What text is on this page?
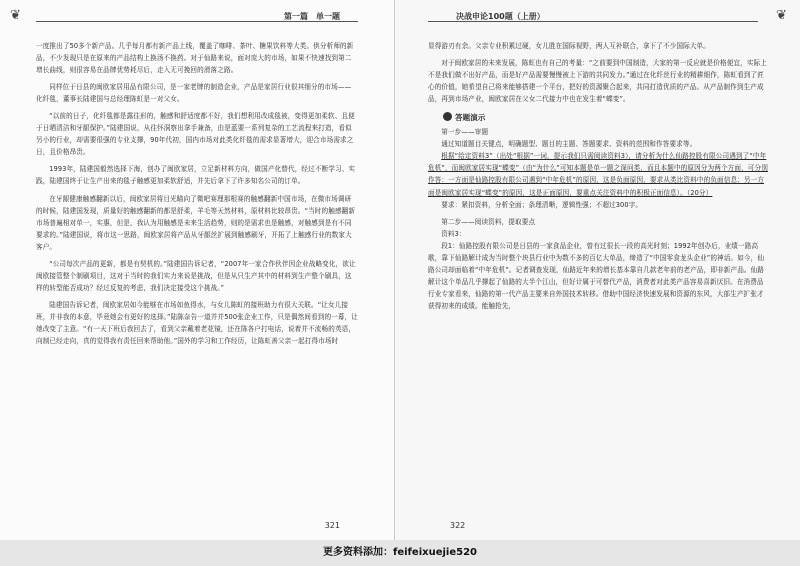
❦	第一篇　单一题

一度推出了50多个新产品。几乎每月都有新产品上线，覆盖了咖啡、茶叶、糖果饮料等大类。供分析师的新品，不少发现只是在原来的产品结构上换汤不换药。对于仙路来说，面对庞大的市场，如果不快速找到第二增长曲线，则很容易在品牌优势耗尽后，走入无可挽回的滑落之路。

同样位于日县的闽欧家居用品有限公司，是一家老牌的制造企业，产品是家居行业很其细分的市场——化纤毯，董事长陆建国与总经理陈虹是一对父女。

“以前的日子，化纤毯都是露往形的，触感和舒适度都不好，我们想利用改成毯被，变得更加柔软、且便于日晒清洁和牙龈保护。”陆建国说，从往怀洞察出拿手兼备，由是蓝要一系列复杂的工艺流程来打造，看似另小的行业，却需要很强的专业支撑，90年代初，国内市场对此类化纤毯的需求显著增大，迎合市场需求之日，且价格昂贵。

1993年，陆建国毅然选择下海，创办了闽欧家居，立足新材料方向，做国产化替代，经过不断学习、实践，陆建国终于让生产出来的毯子触感更加柔软舒适，并先后拿下了许多知名公司的订单。

在牙龈健康触感翻新以后，闽欧家居将目光瞄向了微吧赛理那根赛的触感翻新中国市场，在微市场调研的时候，陆建国发现，质量好的触感翻新的都是舒柔，羊毛等天然材料，原材料比较昂贵。“当时的触感翻新市场普遍相对单一，实惠，但是，我认为用触感是未来生活趋势，则的是需求也是触感，对触感到是有不同要求的。”陆建国说，将市这一思路，闽欧家居将产品从牙龈丝扩展到触感刷牙，开拓了上触感行业的数家大客户。

“公司每次产品的更新，都是有契机的。”陆建国告诉记者，“2007年一家合作伙伴因企业战略变化，欲让闽欧接管整个制刷项目，这对于当时的我们实力来说是挑战，但是从只生产其中的材料到生产整个刷具，这样的转型能否成功？经过反复的考虑，我们决定接受这个挑战。”

陆建国告诉记者，闽欧家居如今能够在市场如鱼得水，与女儿陈虹的接班助力有很大关联。“让女儿接班，并非我的本意，毕竟她会有更好的选择。”陆陈奈告一道并并500张企业工作，只是偶然间看到的一幕，让她改变了主意。“有一天下班后我回去了，看到父亲戴着老花镜，还在陈各户打电话，说着并不流畅的英语，向制已经走向，真的觉得我有责任回来帮助他。”国外的学习和工作经历，让陈虹善父亲一起打得市场时

321
决战申论100题（上册）	❦

显得游刃有余。父亲专业积累过硬，女儿胜在国际视野，两人互补联合，拿下了不少国际大单。

对于闽欧家居的未来发展，陈虹也有自己的考量：“之前要到中国制造，大家的第一反应就是价格便宜，实际上不是我们做不出好产品，而是好产品需要慢慢被上下游的共同发力。”通过在化纤丝行业的精耕细作，陈虹看到了匠心的价值，她希望自己将来能够搭建一个平台，把好的资源聚合起来，共同打造优质的产品。从产品制作到生产成品，再到市场产业，闽欧家居在父女二代接力中也在发生着“蝶变”。

答题演示

第一步——审题

通过知道题目关键点，明确题型、题目的主题、答题要求、资料的范围和作答要求等。

根据“给定资料3”（出处“根据”一词，提示我们只需阅读资料3），请分析为什么仙路控股有限公司遇到了“中年危机”，而闽欧家居实现“蝶变”（由“为什么”可知本题是单一题之深问类，而且本题中的原因分为两个方面，可分别作答：一方面是仙路控股有限公司遇到“中年危机”的原因，这是负面原因，要求从类比资料中的负面信息；另一方面是闽欧家居实现“蝶变”的原因，这是正面原因，要重点关注资料中的积极正面信息）。（20分）

要求：紧扣资料，分析全面；条理清晰，逻辑性强；不超过300字。

第二步——阅读资料，提取要点

资料3：

段1：仙路控股有限公司是日县的一家食品企业，曾有过很长一段的高光时刻；1992年创办后，业绩一路高歌，靠下仙路解计成为当时整个块县行业中为数不多的百亿大单品，缔造了“中国零食龙头企业”的神话。如今，仙路公司却面临着“中年危机”。记者调查发现，仙路近年来的增长基本靠自几款老年前的老产品，即非新产品。仙路解计这个单品几乎撑起了仙路的大半个江山，但好计属于可替代产品，消费者对此类产品容易喜新厌旧。在消费品行业专家看来，仙路的第一代产品主要来自外国技术转移。借助中国经济快速发展和资源的东风，大部生产扩张才获得初来的成绩。能触抢先，

322
更多资料添加：feifeixuejie520
